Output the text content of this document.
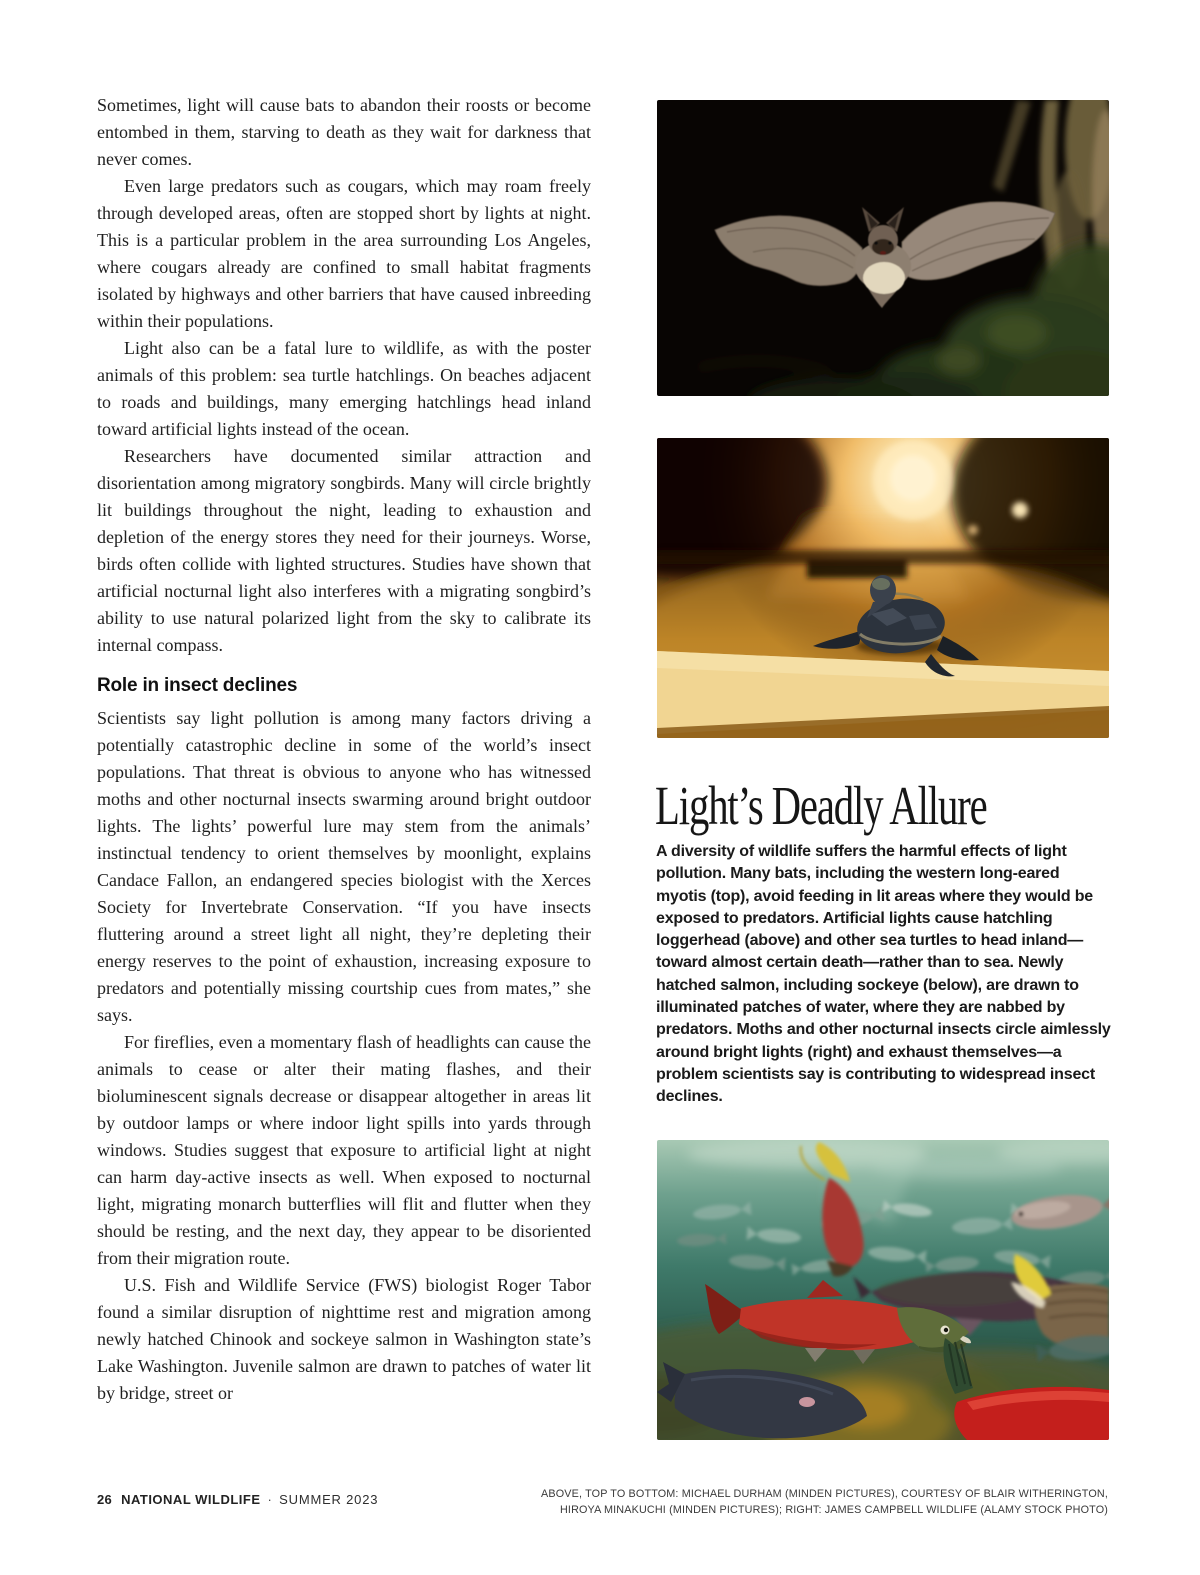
Sometimes, light will cause bats to abandon their roosts or become entombed in them, starving to death as they wait for darkness that never comes.

Even large predators such as cougars, which may roam freely through developed areas, often are stopped short by lights at night. This is a particular problem in the area surrounding Los Angeles, where cougars already are confined to small habitat fragments isolated by highways and other barriers that have caused inbreeding within their populations.

Light also can be a fatal lure to wildlife, as with the poster animals of this problem: sea turtle hatchlings. On beaches adjacent to roads and buildings, many emerging hatchlings head inland toward artificial lights instead of the ocean.

Researchers have documented similar attraction and disorientation among migratory songbirds. Many will circle brightly lit buildings throughout the night, leading to exhaustion and depletion of the energy stores they need for their journeys. Worse, birds often collide with lighted structures. Studies have shown that artificial nocturnal light also interferes with a migrating songbird’s ability to use natural polarized light from the sky to calibrate its internal compass.

Role in insect declines

Scientists say light pollution is among many factors driving a potentially catastrophic decline in some of the world’s insect populations. That threat is obvious to anyone who has witnessed moths and other nocturnal insects swarming around bright outdoor lights. The lights’ powerful lure may stem from the animals’ instinctual tendency to orient themselves by moonlight, explains Candace Fallon, an endangered species biologist with the Xerces Society for Invertebrate Conservation. “If you have insects fluttering around a street light all night, they’re depleting their energy reserves to the point of exhaustion, increasing exposure to predators and potentially missing courtship cues from mates,” she says.

For fireflies, even a momentary flash of headlights can cause the animals to cease or alter their mating flashes, and their bioluminescent signals decrease or disappear altogether in areas lit by outdoor lamps or where indoor light spills into yards through windows. Studies suggest that exposure to artificial light at night can harm day-active insects as well. When exposed to nocturnal light, migrating monarch butterflies will flit and flutter when they should be resting, and the next day, they appear to be disoriented from their migration route.

U.S. Fish and Wildlife Service (FWS) biologist Roger Tabor found a similar disruption of nighttime rest and migration among newly hatched Chinook and sockeye salmon in Washington state’s Lake Washington. Juvenile salmon are drawn to patches of water lit by bridge, street or

Light’s Deadly Allure

A diversity of wildlife suffers the harmful effects of light pollution. Many bats, including the western long-eared myotis (top), avoid feeding in lit areas where they would be exposed to predators. Artificial lights cause hatchling loggerhead (above) and other sea turtles to head inland—toward almost certain death—rather than to sea. Newly hatched salmon, including sockeye (below), are drawn to illuminated patches of water, where they are nabbed by predators. Moths and other nocturnal insects circle aimlessly around bright lights (right) and exhaust themselves—a problem scientists say is contributing to widespread insect declines.

26 NATIONAL WILDLIFE · SUMMER 2023	ABOVE, TOP TO BOTTOM: MICHAEL DURHAM (MINDEN PICTURES), COURTESY OF BLAIR WITHERINGTON,
HIROYA MINAKUCHI (MINDEN PICTURES); RIGHT: JAMES CAMPBELL WILDLIFE (ALAMY STOCK PHOTO)
